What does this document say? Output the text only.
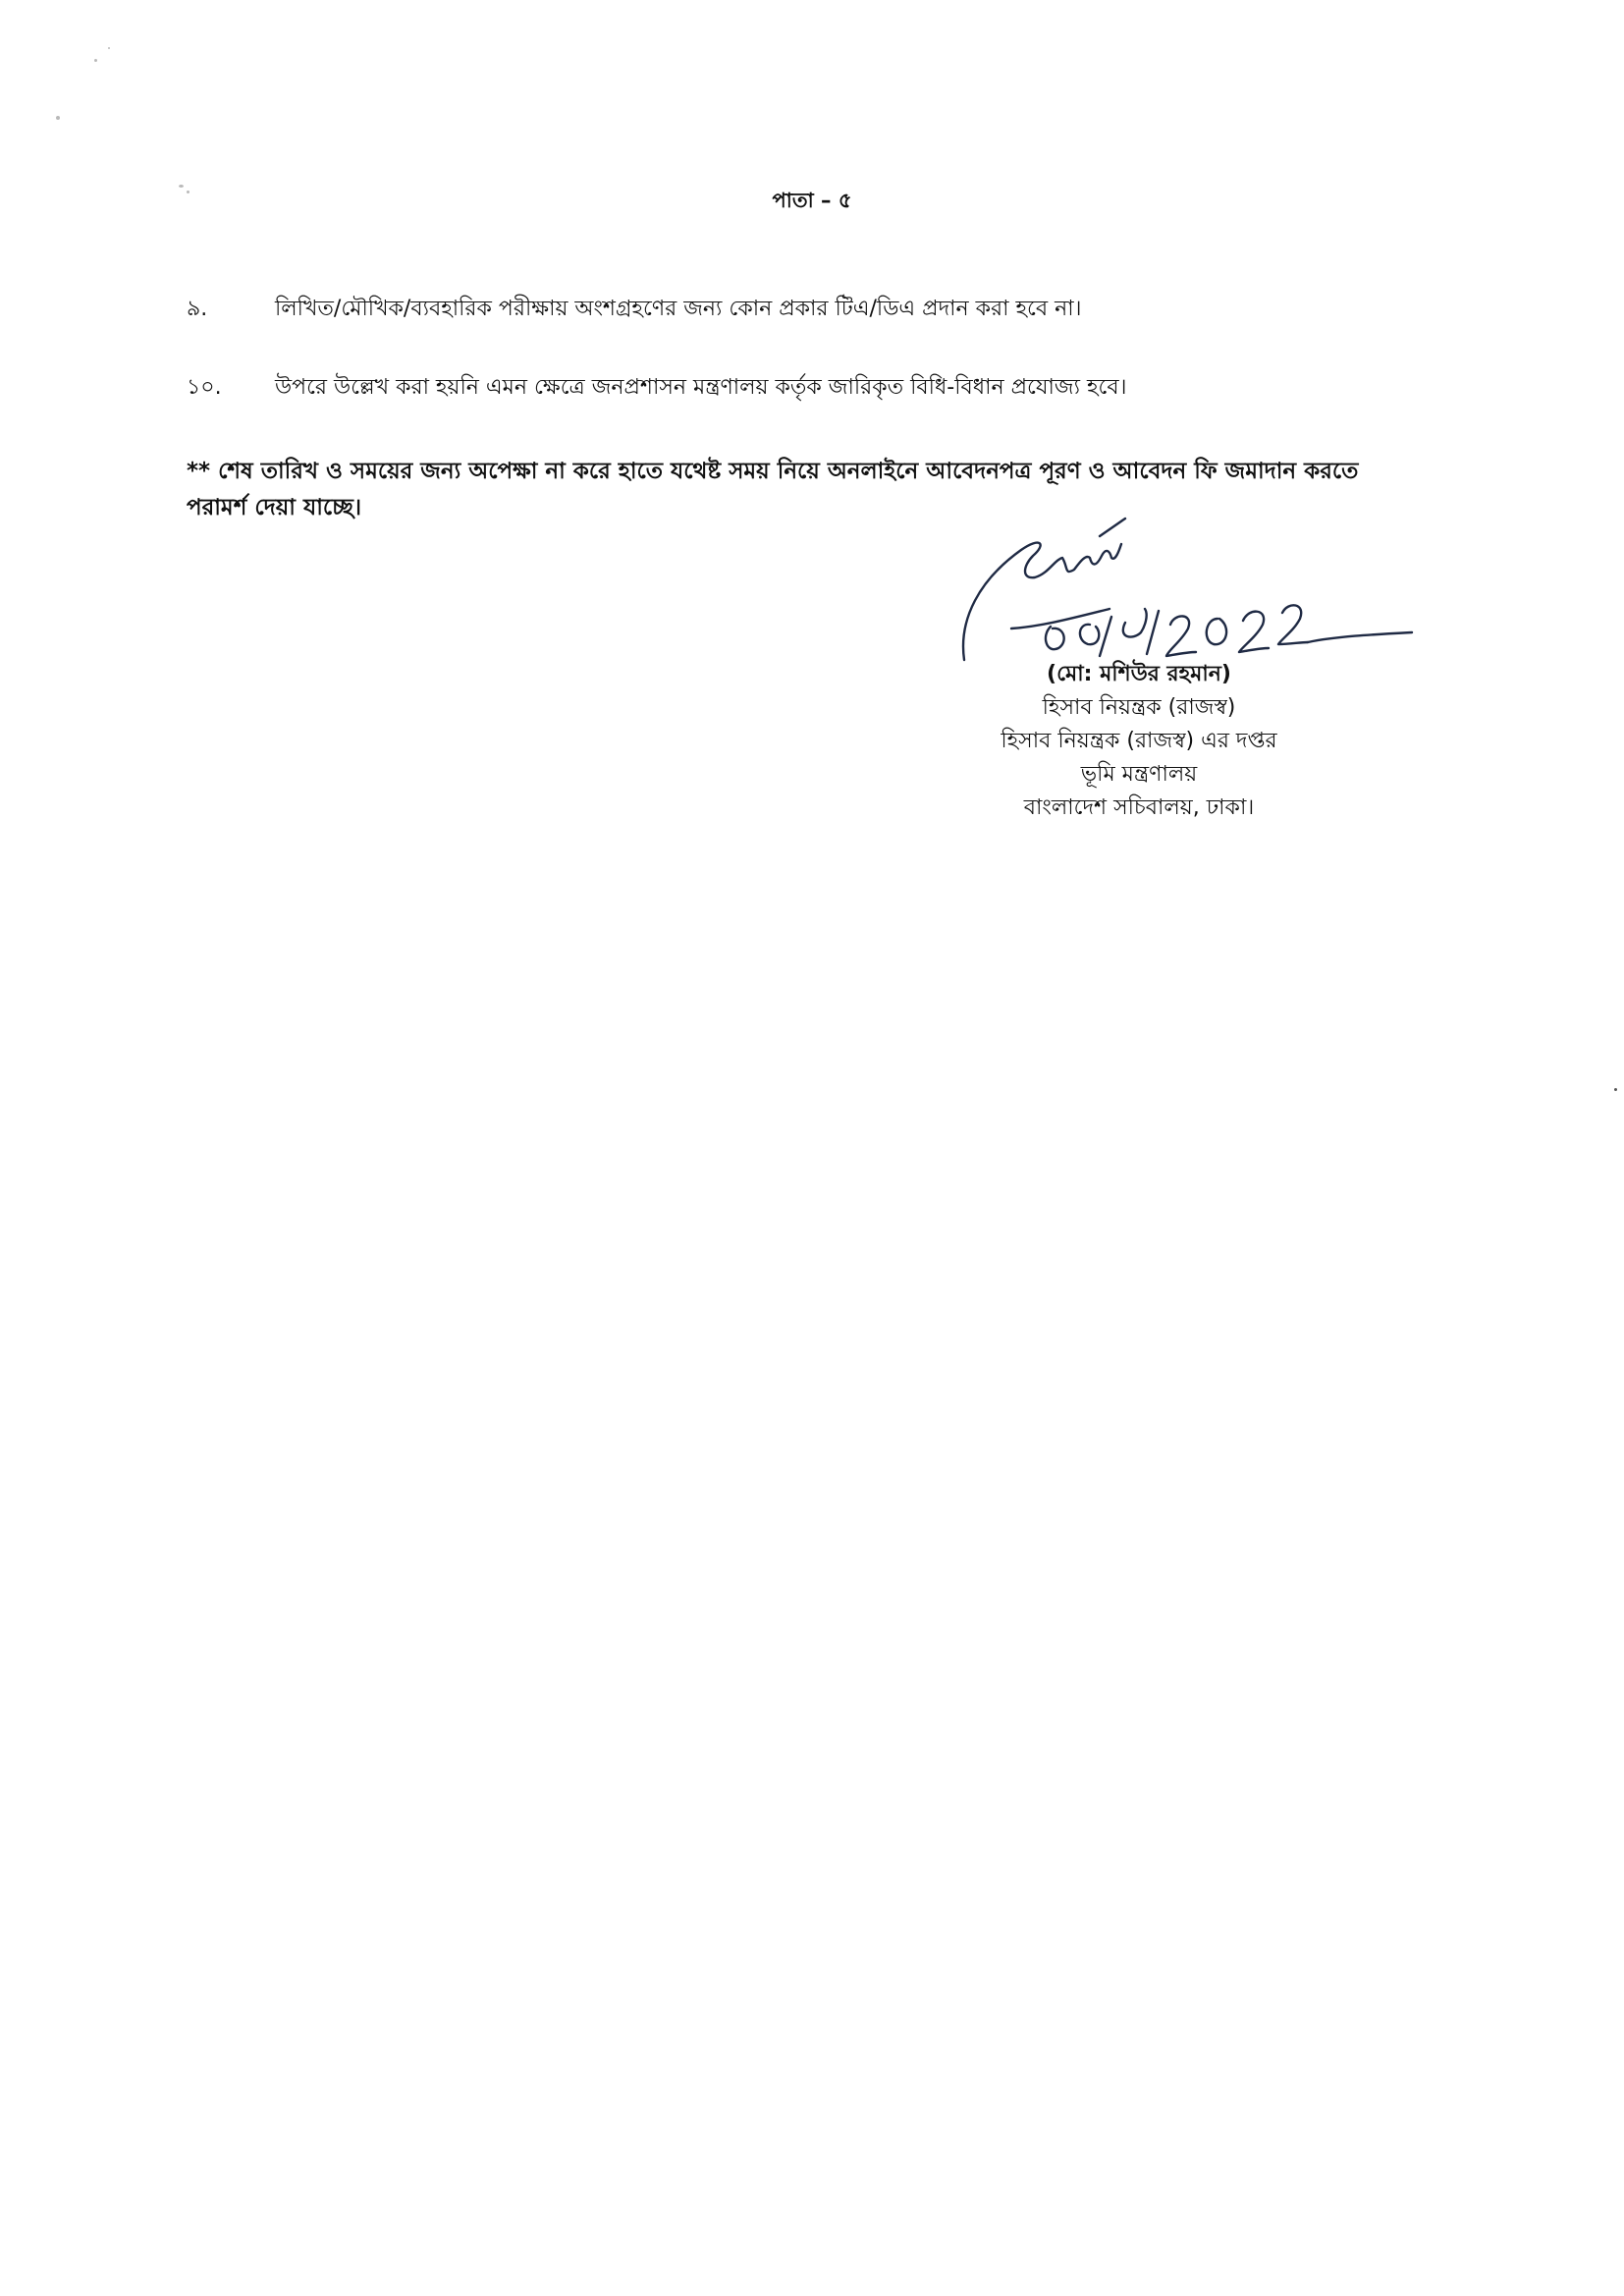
পাতা – ৫
৯.	লিখিত/মৌখিক/ব্যবহারিক পরীক্ষায় অংশগ্রহণের জন্য কোন প্রকার টিএ/ডিএ প্রদান করা হবে না।
১০.	উপরে উল্লেখ করা হয়নি এমন ক্ষেত্রে জনপ্রশাসন মন্ত্রণালয় কর্তৃক জারিকৃত বিধি-বিধান প্রযোজ্য হবে।
** শেষ তারিখ ও সময়ের জন্য অপেক্ষা না করে হাতে যথেষ্ট সময় নিয়ে অনলাইনে আবেদনপত্র পূরণ ও আবেদন ফি জমাদান করতে পরামর্শ দেয়া যাচ্ছে।
(মো: মশিউর রহমান)
হিসাব নিয়ন্ত্রক (রাজস্ব)
হিসাব নিয়ন্ত্রক (রাজস্ব) এর দপ্তর
ভূমি মন্ত্রণালয়
বাংলাদেশ সচিবালয়, ঢাকা।
